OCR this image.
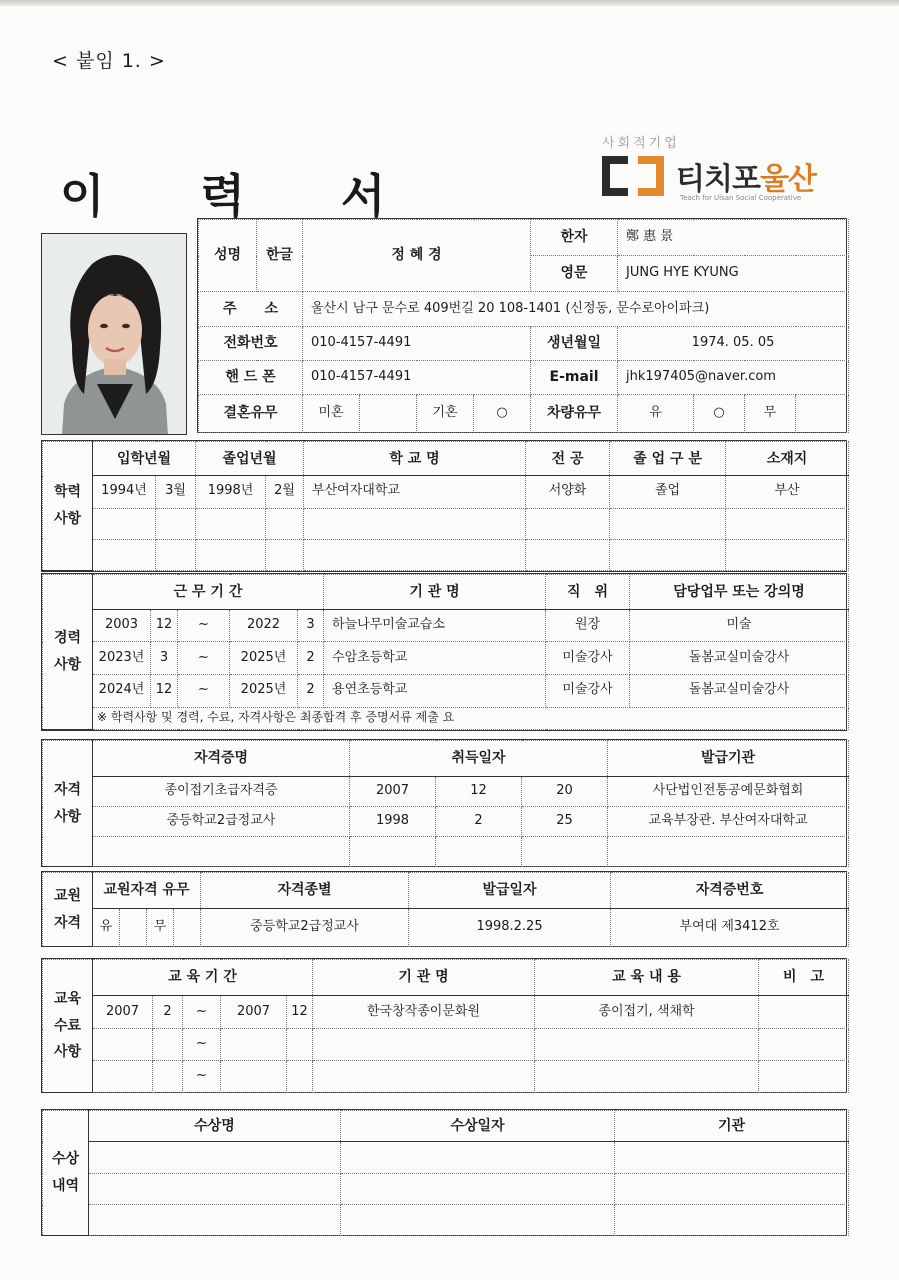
< 붙임 1. >
이 력 서
사회적기업
티치포울산
Teach for Ulsan Social Cooperative
성명	한글	정 혜 경				한자	鄭 惠 景			
						영문	JUNG HYE KYUNG			
주　　소		울산시 남구 문수로 409번길 20 108-1401 (신정동, 문수로아이파크)								
전화번호		010-4157-4491				생년월일	1974. 05. 05			
핸 드 폰		010-4157-4491				E-mail	jhk197405@naver.com			
결혼유무		미혼		기혼	○	차량유무	유	○	무	
학력
사항	입학년월		졸업년월		학 교 명	전 공	졸 업 구 분	소재지
	1994년	3월	1998년	2월	부산여자대학교	서양화	졸업	부산

경력
사항	근 무 기 간					기 관 명	직　위	담당업무 또는 강의명
	2003	12	~	2022	3	하늘나무미술교습소	원장	미술
	2023년	3	~	2025년	2	수암초등학교	미술강사	돌봄교실미술강사
	2024년	12	~	2025년	2	용연초등학교	미술강사	돌봄교실미술강사
	※ 학력사항 및 경력, 수료, 자격사항은 최종합격 후 증명서류 제출 요							
자격
사항	자격증명	취득일자			발급기관
	종이접기초급자격증	2007	12	20	사단법인전통공예문화협회
	중등학교2급정교사	1998	2	25	교육부장관. 부산여자대학교

교원
자격	교원자격 유무				자격종별	발급일자	자격증번호
	유		무		중등학교2급정교사	1998.2.25	부여대 제3412호
교육
수료
사항	교 육 기 간					기 관 명	교 육 내 용	비　고
	2007	2	~	2007	12	한국창작종이문화원	종이접기, 색채학	
			~					
			~					
수상
내역	수상명	수상일자	기관
